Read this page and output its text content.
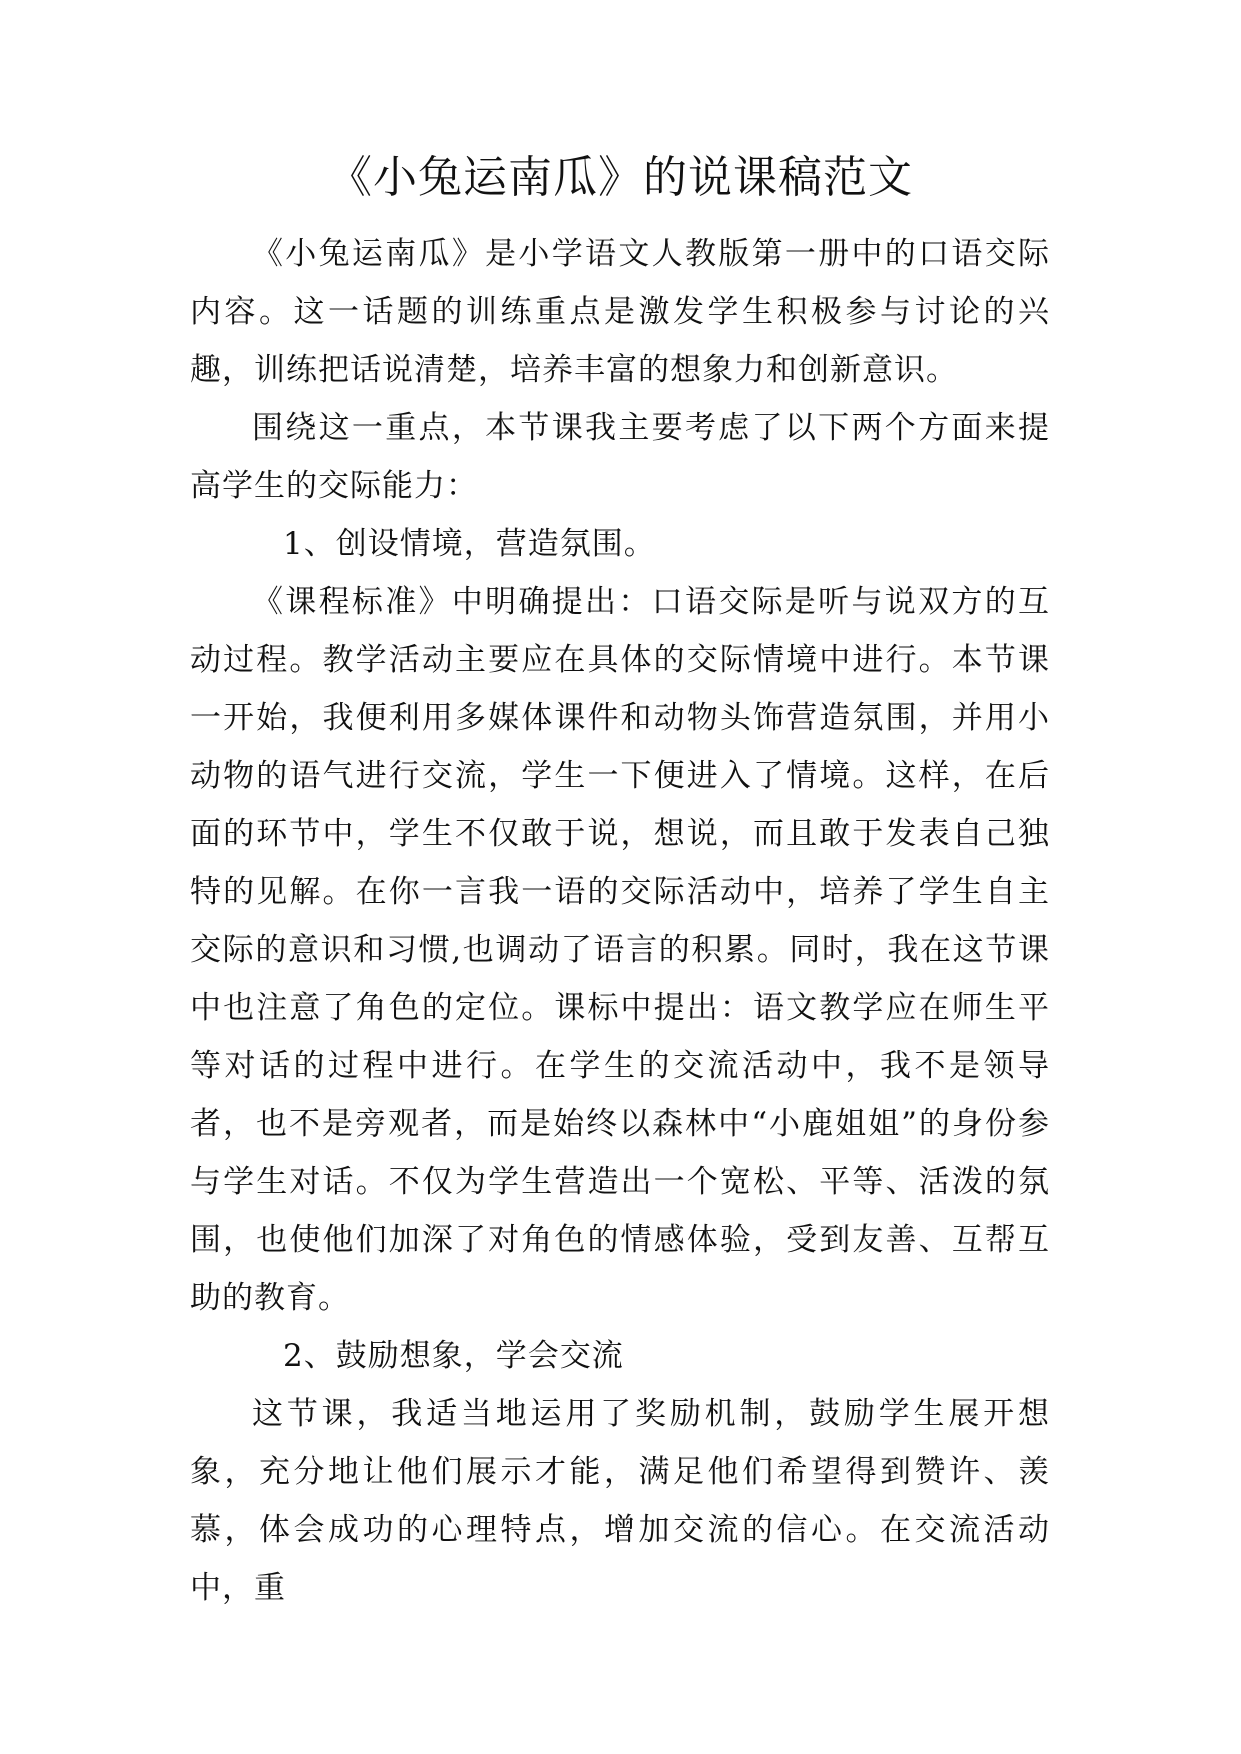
《小兔运南瓜》的说课稿范文

《小兔运南瓜》是小学语文人教版第一册中的口语交际内容。这一话题的训练重点是激发学生积极参与讨论的兴趣，训练把话说清楚，培养丰富的想象力和创新意识。

围绕这一重点，本节课我主要考虑了以下两个方面来提高学生的交际能力：

1、创设情境，营造氛围。

《课程标准》中明确提出：口语交际是听与说双方的互动过程。教学活动主要应在具体的交际情境中进行。本节课一开始，我便利用多媒体课件和动物头饰营造氛围，并用小动物的语气进行交流，学生一下便进入了情境。这样，在后面的环节中，学生不仅敢于说，想说，而且敢于发表自己独特的见解。在你一言我一语的交际活动中，培养了学生自主交际的意识和习惯,也调动了语言的积累。同时，我在这节课中也注意了角色的定位。课标中提出：语文教学应在师生平等对话的过程中进行。在学生的交流活动中，我不是领导者，也不是旁观者，而是始终以森林中“小鹿姐姐”的身份参与学生对话。不仅为学生营造出一个宽松、平等、活泼的氛围，也使他们加深了对角色的情感体验，受到友善、互帮互助的教育。

2、鼓励想象，学会交流

这节课，我适当地运用了奖励机制，鼓励学生展开想象，充分地让他们展示才能，满足他们希望得到赞许、羡慕，体会成功的心理特点，增加交流的信心。在交流活动中，重
